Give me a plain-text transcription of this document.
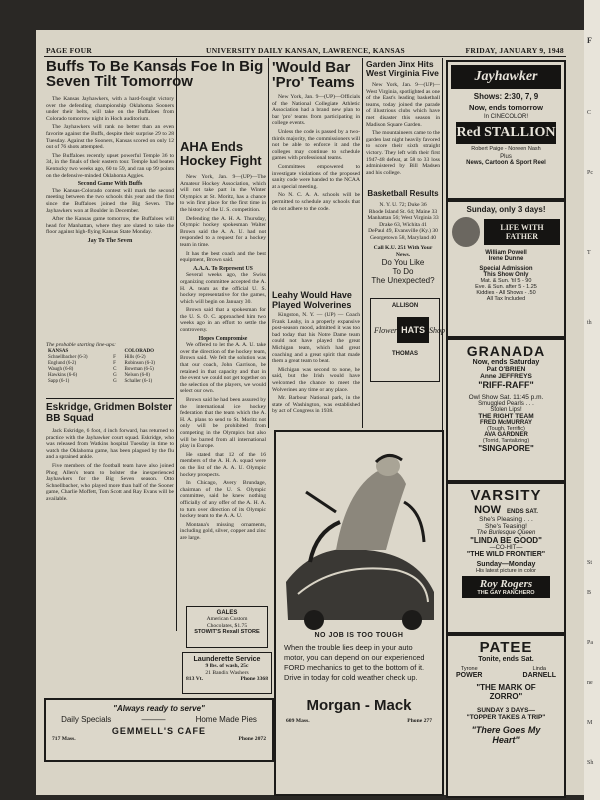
PAGE FOUR	UNIVERSITY DAILY KANSAN, LAWRENCE, KANSAS	FRIDAY, JANUARY 9, 1948
Buffs To Be Kansas Foe In Big Seven Tilt Tomorrow

The Kansas Jayhawkers, with a hard-fought victory over the defending championship Oklahoma Sooners under their belts, will take on the Buffaloes from Colorado tomorrow night in Hoch auditorium.

The Jayhawkers will rank no better than an even favorite against the Buffs, despite their surprise 29 to 28 Tuesday. Against the Sooners, Kansas scored on only 12 out of 76 shots attempted.

The Buffaloes recently upset powerful Temple 36 to 34, in the finals of their eastern tour. Temple had beaten Kentucky two weeks ago, 60 to 59, and ran up 99 points on the defensive-minded Oklahoma Aggies.

Second Game With Buffs

The Kansas-Colorado contest will mark the second meeting between the two schools this year and the first since the Buffaloes joined the Big Seven. The Jayhawkers won at Boulder in December.

After the Kansas game tomorrow, the Buffaloes will head for Manhattan, where they are slated to take the floor against high-flying Kansas State Monday.

Jay To The Seven
The probable starting line-ups:
KANSAS		COLORADO
Schnellbacher (6-3)	F	Hills (6-2)
Englund (6-2)	F	Robinson (6-3)
Waugh (6-8)	C	Bowman (6-5)
Hawkins (6-6)	G	Nelson (6-0)
Sapp (6-1)	G	Schaller (6-1)
Eskridge, Gridmen Bolster BB Squad

Jack Eskridge, 6 foot, 4 inch forward, has returned to practice with the Jayhawker court squad. Eskridge, who was released from Watkins hospital Tuesday in time to watch the Oklahoma game, has been plagued by the flu and a sprained ankle.

Five members of the football team have also joined Phog Allen's team to bolster the inexperienced Jayhawkers for the Big Seven season. Otto Schnellbacher, who played more than half of the Sooner game, Charlie Moffett, Tom Scott and Ray Evans will be available.

AHA Ends Hockey Fight

New York, Jan. 9—(UP)—The Amateur Hockey Association, which will not take part in the Winter Olympics at St. Moritz, has a chance to win first place for the first time in the history of the U. S. competition.

Defending the A. H. A. Thursday, Olympic hockey spokesman Walter Brown said the A. A. U. had not responded to a request for a hockey team in time.

It has the best coach and the best equipment, Brown said.

A.A.A. To Represent US

Several weeks ago, the Swiss organizing committee accepted the A. H. A. team as the official U. S. hockey representative for the games, which will begin on January 30.

Brown said that a spokesman for the U. S. O. C. approached him two weeks ago in an effort to settle the controversy.

Hopes Compromise

We offered to let the A. A. U. take over the direction of the hockey team, Brown said. We felt the solution was that our coach, John Garrison, be retained in that capacity and that in the event we could not get together on the selection of the players, we would select our own.

Brown said he had been assured by the international ice hockey federation that the team which the A. H. A. plans to send to St. Moritz not only will be prohibited from competing in the Olympics but also will be barred from all international play in Europe.

He stated that 12 of the 16 members of the A. H. A. squad were on the list of the A. A. U. Olympic hockey prospects.

In Chicago, Avery Brundage, chairman of the U. S. Olympic committee, said he knew nothing officially of any offer of the A. H. A. to turn over direction of its Olympic hockey team to the A. A. U.

Montana's missing ornaments, including gold, silver, copper and zinc are large.

GALES
American Custom
Chocolates, $1.75
STOWIT'S Rexall STORE
Launderette Service
9 lbs. of wash, 25c
21 Bandix Washers
813 Vt.	Phone 3368
"Always ready to serve"
Daily Specials	———	Home Made Pies
GEMMELL'S CAFE
717 Mass.	Phone 2072
'Would Bar 'Pro' Teams

New York, Jan. 9—(UP)—Officials of the National Collegiate Athletic Association had a brand new plan to bar 'pro' teams from participating in college events.

Unless the code is passed by a two-thirds majority, the commissioners will not be able to enforce it and the colleges may continue to schedule games with professional teams.

Committees empowered to investigate violations of the proposed sanity code were handed to the NCAA at a special meeting.

No N. C. A. A. schools will be permitted to schedule any schools that do not adhere to the code.

Leahy Would Have Played Wolverines

Kingston, N. Y. — (UP) — Coach Frank Leahy, in a properly expansive post-season mood, admitted it was too bad today that his Notre Dame team could not have played the great Michigan team, which had great coaching and a great spirit that made them a great team to beat.

Michigan was second to none, he said, but the Irish would have welcomed the chance to meet the Wolverines any time or any place.

Mr. Barbour National park, in the state of Washington, was established by act of Congress in 1938.

Garden Jinx Hits West Virginia Five

New York, Jan. 9—(UP)—West Virginia, spotlighted as one of the East's leading basketball teams, today joined the parade of illustrious clubs which have met disaster this season in Madison Square Garden.

The mountaineers came to the garden last night heavily favored to score their sixth straight victory. They left with their first 1947-48 defeat, at 58 to 33 loss administered by Bill Madsen and his college.

Basketball Results
N. Y. U. 72; Duke 36
Rhode Island St. 64; Maine 33
Manhattan 56; West Virginia 33
Drake 63, Wichita 41
DePaul 49, Evansville (Ky.) 30
Georgetown 58, Maryland 40
Call K.U. 251 With Your News.
Do You Like
To Do
The Unexpected?
ALLISON
Flower HATS Shop
THOMAS
NO JOB IS TOO TOUGH
When the trouble lies deep in your auto motor, you can depend on our experienced FORD mechanics to get to the bottom of it. Drive in today for cold weather check up.
Morgan - Mack
609 Mass.	Phone 277
Jayhawker
Shows: 2:30, 7, 9
Now, ends tomorrow
In CINECOLOR!
Red STALLION
Robert Paige - Noreen Nash
Plus
News, Cartoon & Sport Reel
Sunday, only 3 days!
LIFE WITH FATHER
William Powell
Irene Dunne
Special Admission
This Show Only
Mat. & Sun. 'til 5 - 90
Eve. & Sun. after 5 - 1.25
Kiddies - All Shows - .50
All Tax Included
GRANADA
Now, ends Saturday
Pat O'BRIEN
Anne JEFFREYS
"RIFF-RAFF"
Owl Show Sat. 11:45 p.m.
Smuggled Pearls . . .
Stolen Lips!
THE RIGHT TEAM
FRED McMURRAY
(Tough, Terrific)
AVA GARDNER
(Torrid, Tantalizing)
"SINGAPORE"
VARSITY
NOW ENDS SAT.
She's Pleasing . . .
She's Teasing!
The Burlesque Queen
"LINDA BE GOOD"
—CO-HIT—
"THE WILD FRONTIER"
Sunday—Monday
His latest picture in color
Roy Rogers
THE GAY RANCHERO
PATEE
Tonite, ends Sat.
Tyrone
POWER
Linda
DARNELL
"THE MARK OF ZORRO"
SUNDAY 3 DAYS—
"TOPPER TAKES A TRIP"
"There Goes My Heart"
F
C
Pc
T
th
St
B
Pa
ne
M
Sh
